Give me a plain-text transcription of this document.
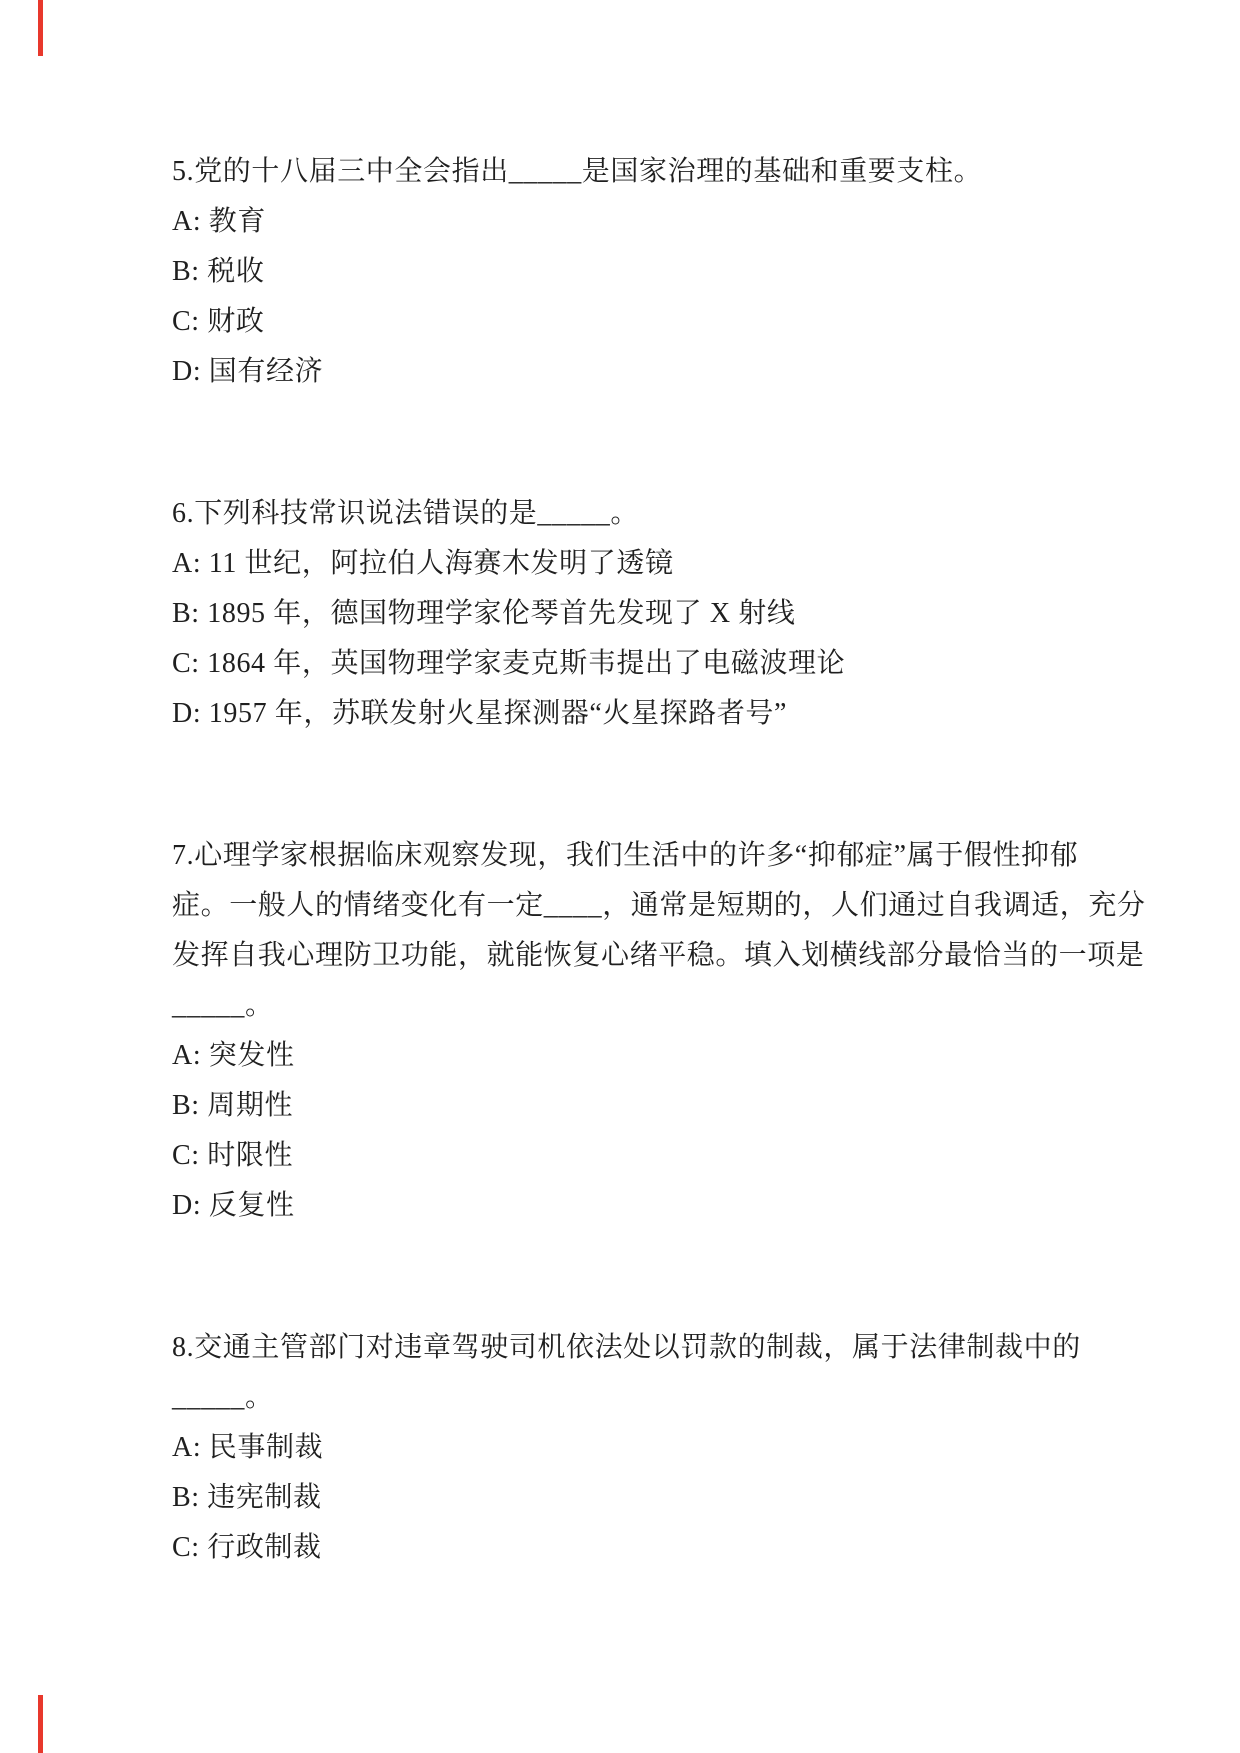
5.党的十八届三中全会指出_____是国家治理的基础和重要支柱。

A: 教育

B: 税收

C: 财政

D: 国有经济

6.下列科技常识说法错误的是_____。

A: 11 世纪，阿拉伯人海赛木发明了透镜

B: 1895 年，德国物理学家伦琴首先发现了 X 射线

C: 1864 年，英国物理学家麦克斯韦提出了电磁波理论

D: 1957 年，苏联发射火星探测器“火星探路者号”

7.心理学家根据临床观察发现，我们生活中的许多“抑郁症”属于假性抑郁

症。一般人的情绪变化有一定____，通常是短期的，人们通过自我调适，充分

发挥自我心理防卫功能，就能恢复心绪平稳。填入划横线部分最恰当的一项是

_____。

A: 突发性

B: 周期性

C: 时限性

D: 反复性

8.交通主管部门对违章驾驶司机依法处以罚款的制裁，属于法律制裁中的

_____。

A: 民事制裁

B: 违宪制裁

C: 行政制裁
